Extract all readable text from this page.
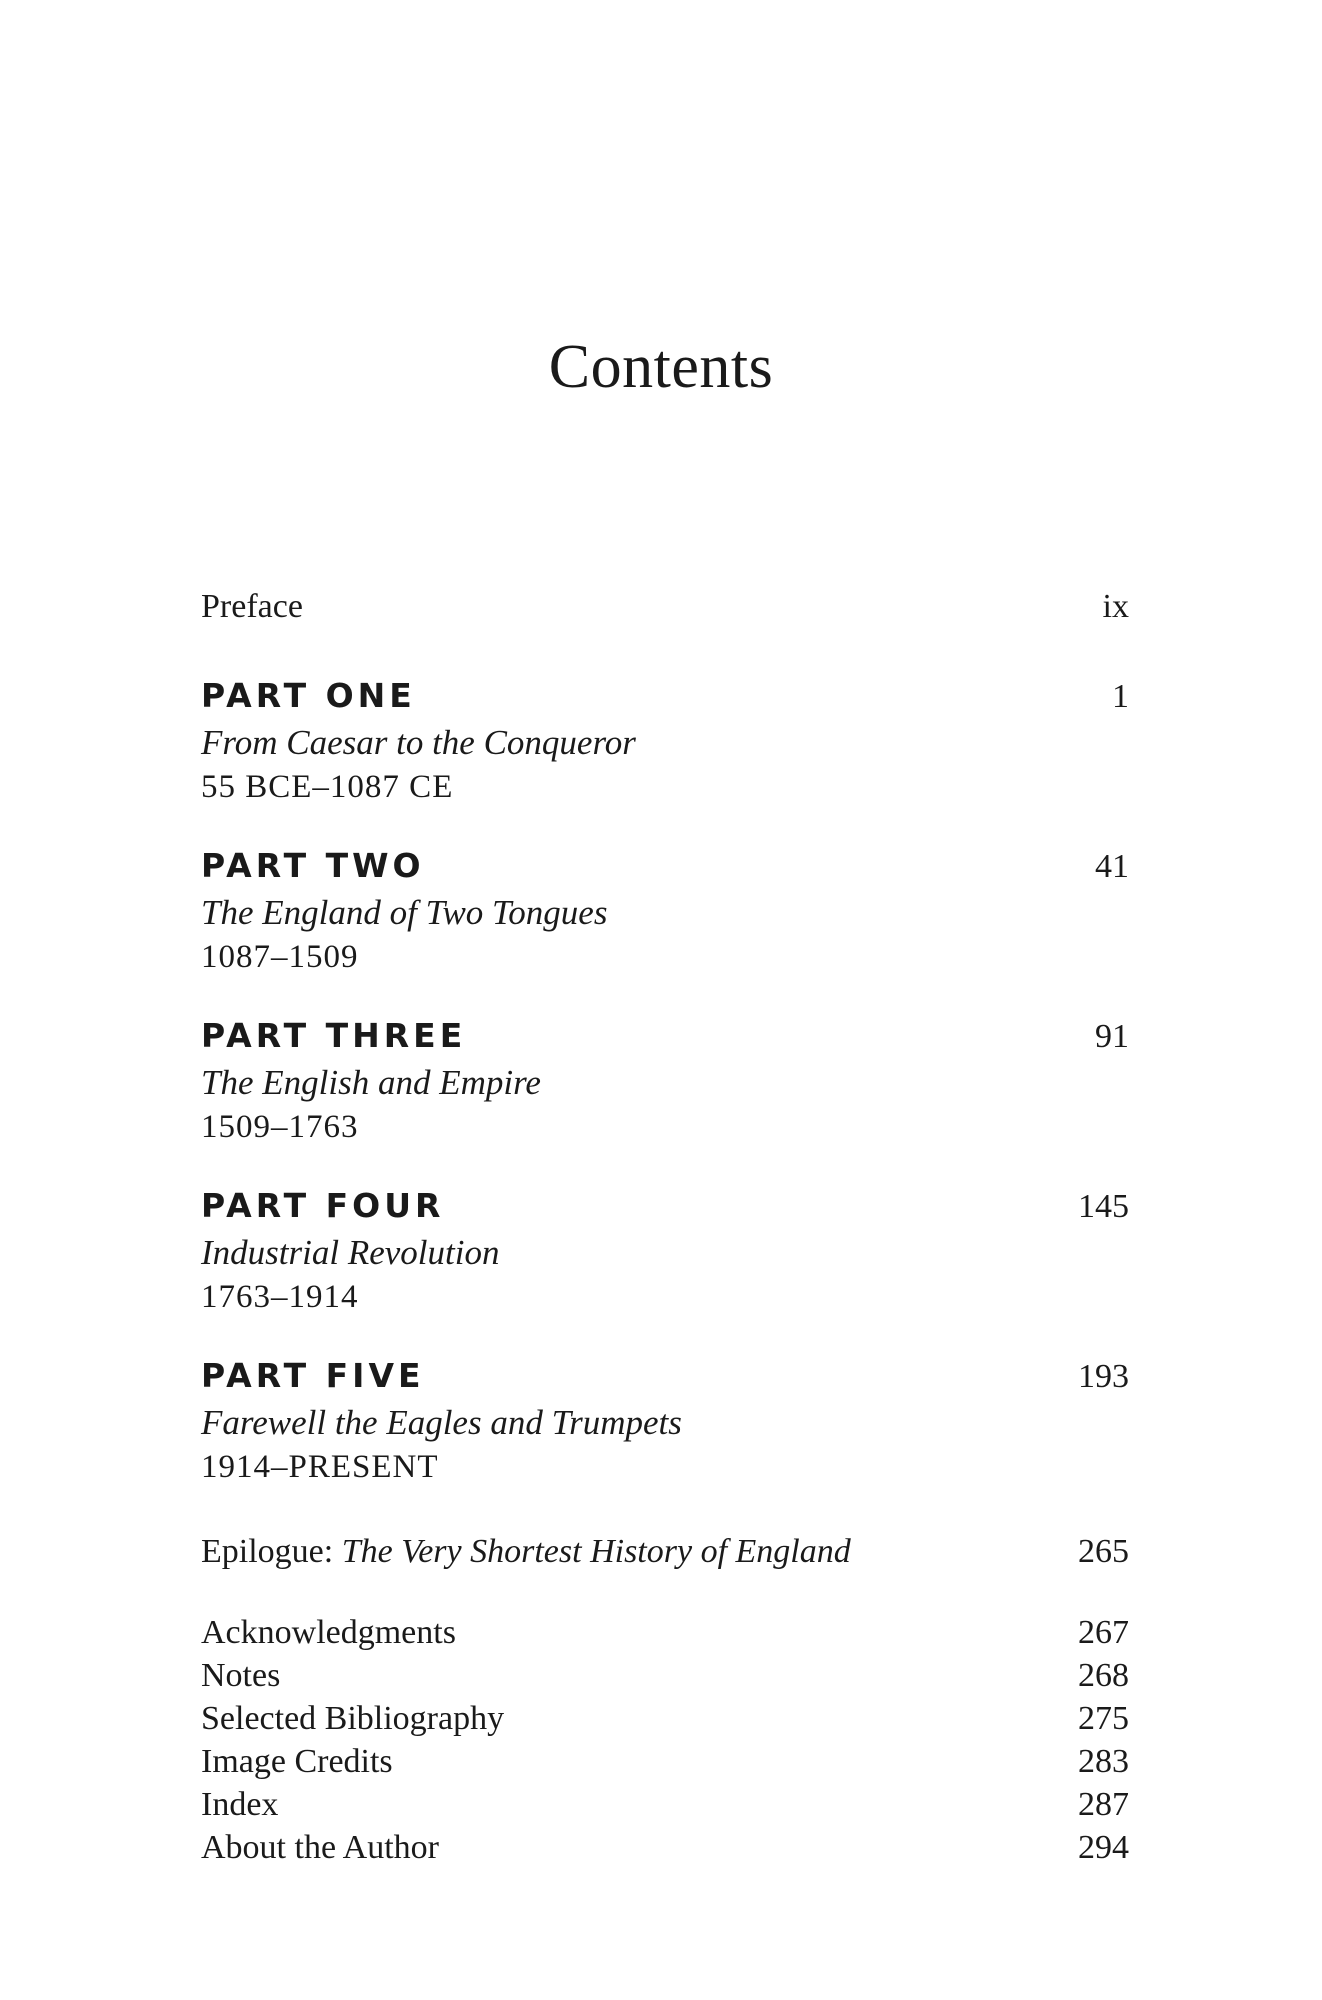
Contents
Preface	ix
PART ONE	1
From Caesar to the Conqueror
55 BCE–1087 CE
PART TWO	41
The England of Two Tongues
1087–1509
PART THREE	91
The English and Empire
1509–1763
PART FOUR	145
Industrial Revolution
1763–1914
PART FIVE	193
Farewell the Eagles and Trumpets
1914–PRESENT
Epilogue: The Very Shortest History of England	265
Acknowledgments	267
Notes	268
Selected Bibliography	275
Image Credits	283
Index	287
About the Author	294
